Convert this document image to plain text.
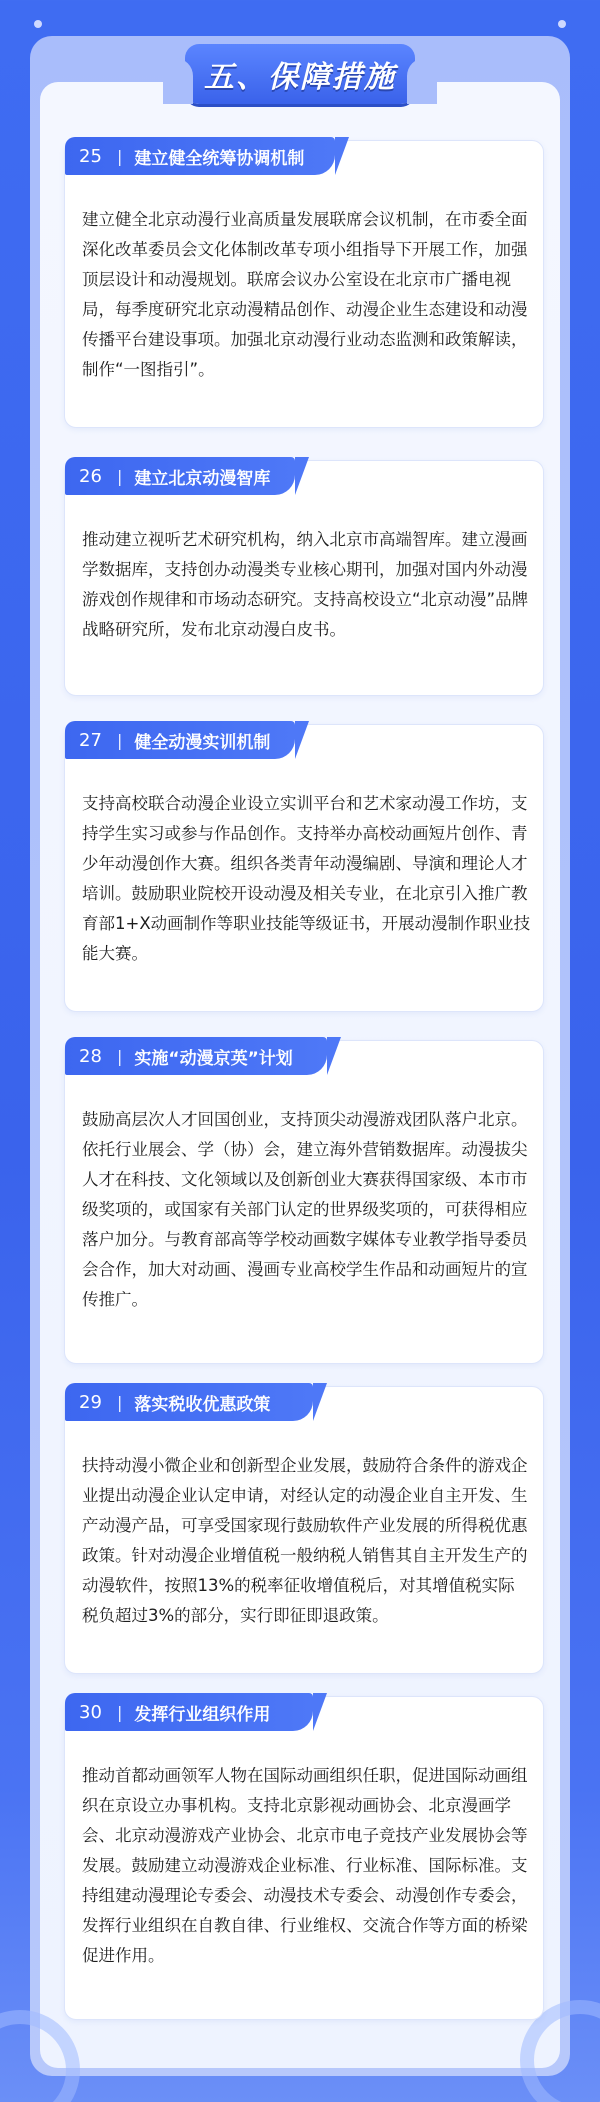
五、保障措施
25 | 建立健全统筹协调机制
建立健全北京动漫行业高质量发展联席会议机制，在市委全面深化改革委员会文化体制改革专项小组指导下开展工作，加强顶层设计和动漫规划。联席会议办公室设在北京市广播电视局，每季度研究北京动漫精品创作、动漫企业生态建设和动漫传播平台建设事项。加强北京动漫行业动态监测和政策解读，制作“一图指引”。
26 | 建立北京动漫智库
推动建立视听艺术研究机构，纳入北京市高端智库。建立漫画学数据库，支持创办动漫类专业核心期刊，加强对国内外动漫游戏创作规律和市场动态研究。支持高校设立“北京动漫”品牌战略研究所，发布北京动漫白皮书。
27 | 健全动漫实训机制
支持高校联合动漫企业设立实训平台和艺术家动漫工作坊，支持学生实习或参与作品创作。支持举办高校动画短片创作、青少年动漫创作大赛。组织各类青年动漫编剧、导演和理论人才培训。鼓励职业院校开设动漫及相关专业，在北京引入推广教育部1+X动画制作等职业技能等级证书，开展动漫制作职业技能大赛。
28 | 实施“动漫京英”计划
鼓励高层次人才回国创业，支持顶尖动漫游戏团队落户北京。依托行业展会、学（协）会，建立海外营销数据库。动漫拔尖人才在科技、文化领域以及创新创业大赛获得国家级、本市市级奖项的，或国家有关部门认定的世界级奖项的，可获得相应落户加分。与教育部高等学校动画数字媒体专业教学指导委员会合作，加大对动画、漫画专业高校学生作品和动画短片的宣传推广。
29 | 落实税收优惠政策
扶持动漫小微企业和创新型企业发展，鼓励符合条件的游戏企业提出动漫企业认定申请，对经认定的动漫企业自主开发、生产动漫产品，可享受国家现行鼓励软件产业发展的所得税优惠政策。针对动漫企业增值税一般纳税人销售其自主开发生产的动漫软件，按照13%的税率征收增值税后，对其增值税实际税负超过3%的部分，实行即征即退政策。
30 | 发挥行业组织作用
推动首都动画领军人物在国际动画组织任职，促进国际动画组织在京设立办事机构。支持北京影视动画协会、北京漫画学会、北京动漫游戏产业协会、北京市电子竞技产业发展协会等发展。鼓励建立动漫游戏企业标准、行业标准、国际标准。支持组建动漫理论专委会、动漫技术专委会、动漫创作专委会，发挥行业组织在自教自律、行业维权、交流合作等方面的桥梁促进作用。
